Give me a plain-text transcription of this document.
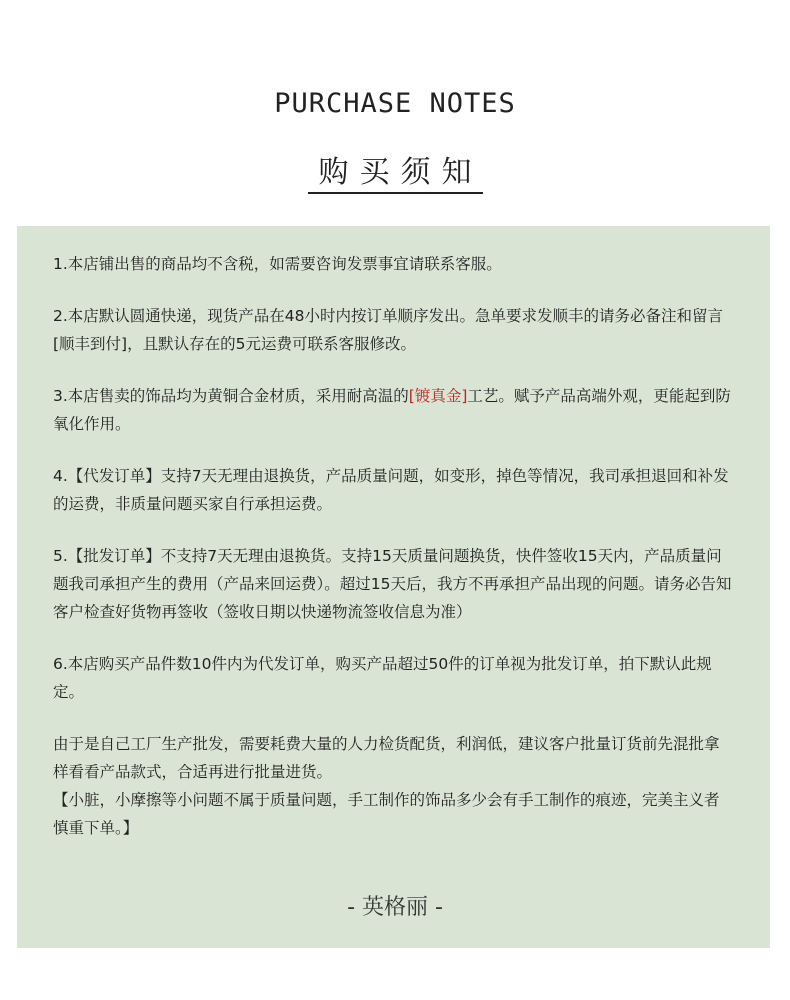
PURCHASE NOTES
购买须知

1.本店铺出售的商品均不含税，如需要咨询发票事宜请联系客服。

2.本店默认圆通快递，现货产品在48小时内按订单顺序发出。急单要求发顺丰的请务必备注和留言[顺丰到付]，且默认存在的5元运费可联系客服修改。

3.本店售卖的饰品均为黄铜合金材质，采用耐高温的[镀真金]工艺。赋予产品高端外观，更能起到防氧化作用。

4.【代发订单】支持7天无理由退换货，产品质量问题，如变形，掉色等情况，我司承担退回和补发的运费，非质量问题买家自行承担运费。

5.【批发订单】不支持7天无理由退换货。支持15天质量问题换货，快件签收15天内，产品质量问题我司承担产生的费用（产品来回运费）。超过15天后，我方不再承担产品出现的问题。请务必告知客户检查好货物再签收（签收日期以快递物流签收信息为准）

6.本店购买产品件数10件内为代发订单，购买产品超过50件的订单视为批发订单，拍下默认此规定。

由于是自己工厂生产批发，需要耗费大量的人力检货配货，利润低，建议客户批量订货前先混批拿样看看产品款式，合适再进行批量进货。

【小脏，小摩擦等小问题不属于质量问题，手工制作的饰品多少会有手工制作的痕迹，完美主义者慎重下单。】

- 英格丽 -
